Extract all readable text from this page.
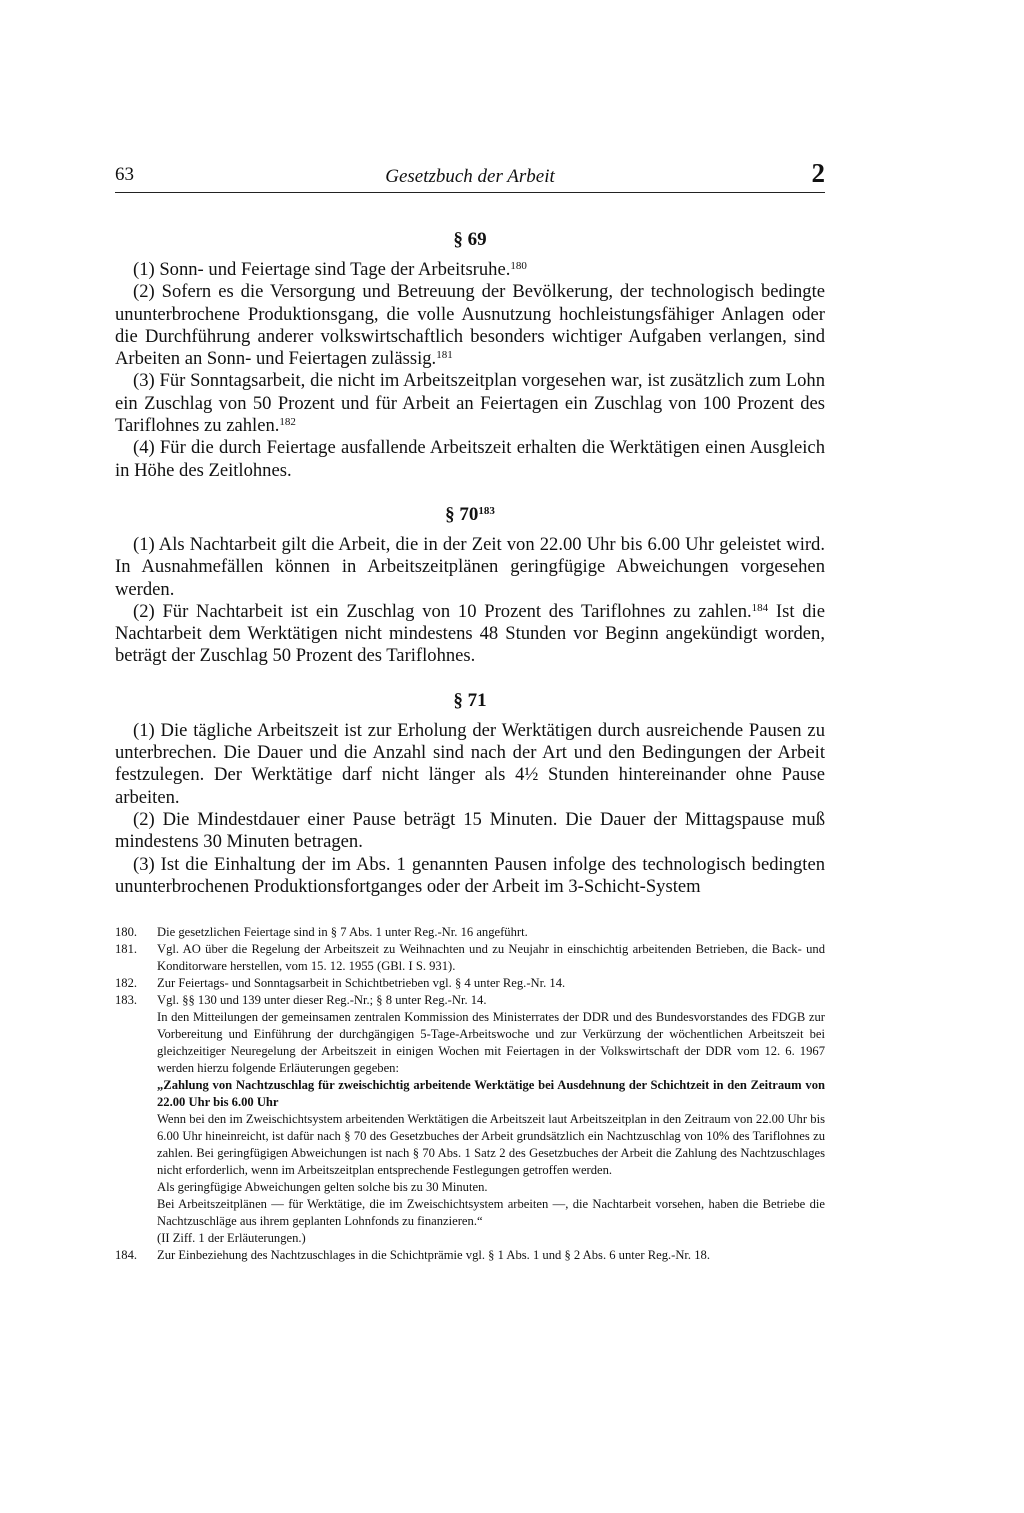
63	Gesetzbuch der Arbeit	2
§ 69

(1) Sonn- und Feiertage sind Tage der Arbeitsruhe.$^{180}$

(2) Sofern es die Versorgung und Betreuung der Bevölkerung, der technologisch bedingte ununterbrochene Produktionsgang, die volle Ausnutzung hochleistungsfähiger Anlagen oder die Durchführung anderer volkswirtschaftlich besonders wichtiger Aufgaben verlangen, sind Arbeiten an Sonn- und Feiertagen zulässig.$^{181}$

(3) Für Sonntagsarbeit, die nicht im Arbeitszeitplan vorgesehen war, ist zusätzlich zum Lohn ein Zuschlag von 50 Prozent und für Arbeit an Feiertagen ein Zuschlag von 100 Prozent des Tariflohnes zu zahlen.$^{182}$

(4) Für die durch Feiertage ausfallende Arbeitszeit erhalten die Werktätigen einen Ausgleich in Höhe des Zeitlohnes.

§ $70^{183}$

(1) Als Nachtarbeit gilt die Arbeit, die in der Zeit von 22.00 Uhr bis 6.00 Uhr geleistet wird. In Ausnahmefällen können in Arbeitszeitplänen geringfügige Abweichungen vorgesehen werden.

(2) Für Nachtarbeit ist ein Zuschlag von 10 Prozent des Tariflohnes zu zahlen.$^{184}$ Ist die Nachtarbeit dem Werktätigen nicht mindestens 48 Stunden vor Beginn angekündigt worden, beträgt der Zuschlag 50 Prozent des Tariflohnes.

§ 71

(1) Die tägliche Arbeitszeit ist zur Erholung der Werktätigen durch ausreichende Pausen zu unterbrechen. Die Dauer und die Anzahl sind nach der Art und den Bedingungen der Arbeit festzulegen. Der Werktätige darf nicht länger als 4½ Stunden hintereinander ohne Pause arbeiten.

(2) Die Mindestdauer einer Pause beträgt 15 Minuten. Die Dauer der Mittagspause muß mindestens 30 Minuten betragen.

(3) Ist die Einhaltung der im Abs. 1 genannten Pausen infolge des technologisch bedingten ununterbrochenen Produktionsfortganges oder der Arbeit im 3-Schicht-System

180.	Die gesetzlichen Feiertage sind in § 7 Abs. 1 unter Reg.-Nr. 16 angeführt.

181.	Vgl. AO über die Regelung der Arbeitszeit zu Weihnachten und zu Neujahr in einschichtig arbeitenden Betrieben, die Back- und Konditorware herstellen, vom 15. 12. 1955 (GBl. I S. 931).

182.	Zur Feiertags- und Sonntagsarbeit in Schichtbetrieben vgl. § 4 unter Reg.-Nr. 14.

183.	Vgl. §§ 130 und 139 unter dieser Reg.-Nr.; § 8 unter Reg.-Nr. 14.

In den Mitteilungen der gemeinsamen zentralen Kommission des Ministerrates der DDR und des Bundesvorstandes des FDGB zur Vorbereitung und Einführung der durchgängigen 5-Tage-Arbeitswoche und zur Verkürzung der wöchentlichen Arbeitszeit bei gleichzeitiger Neuregelung der Arbeitszeit in einigen Wochen mit Feiertagen in der Volkswirtschaft der DDR vom 12. 6. 1967 werden hierzu folgende Erläuterungen gegeben:

„Zahlung von Nachtzuschlag für zweischichtig arbeitende Werktätige bei Ausdehnung der Schichtzeit in den Zeitraum von 22.00 Uhr bis 6.00 Uhr

Wenn bei den im Zweischichtsystem arbeitenden Werktätigen die Arbeitszeit laut Arbeitszeitplan in den Zeitraum von 22.00 Uhr bis 6.00 Uhr hineinreicht, ist dafür nach § 70 des Gesetzbuches der Arbeit grundsätzlich ein Nachtzuschlag von 10% des Tariflohnes zu zahlen. Bei geringfügigen Abweichungen ist nach § 70 Abs. 1 Satz 2 des Gesetzbuches der Arbeit die Zahlung des Nachtzuschlages nicht erforderlich, wenn im Arbeitszeitplan entsprechende Festlegungen getroffen werden.

Als geringfügige Abweichungen gelten solche bis zu 30 Minuten.

Bei Arbeitszeitplänen — für Werktätige, die im Zweischichtsystem arbeiten —, die Nachtarbeit vorsehen, haben die Betriebe die Nachtzuschläge aus ihrem geplanten Lohnfonds zu finanzieren.“

(II Ziff. 1 der Erläuterungen.)

184.	Zur Einbeziehung des Nachtzuschlages in die Schichtprämie vgl. § 1 Abs. 1 und § 2 Abs. 6 unter Reg.-Nr. 18.
